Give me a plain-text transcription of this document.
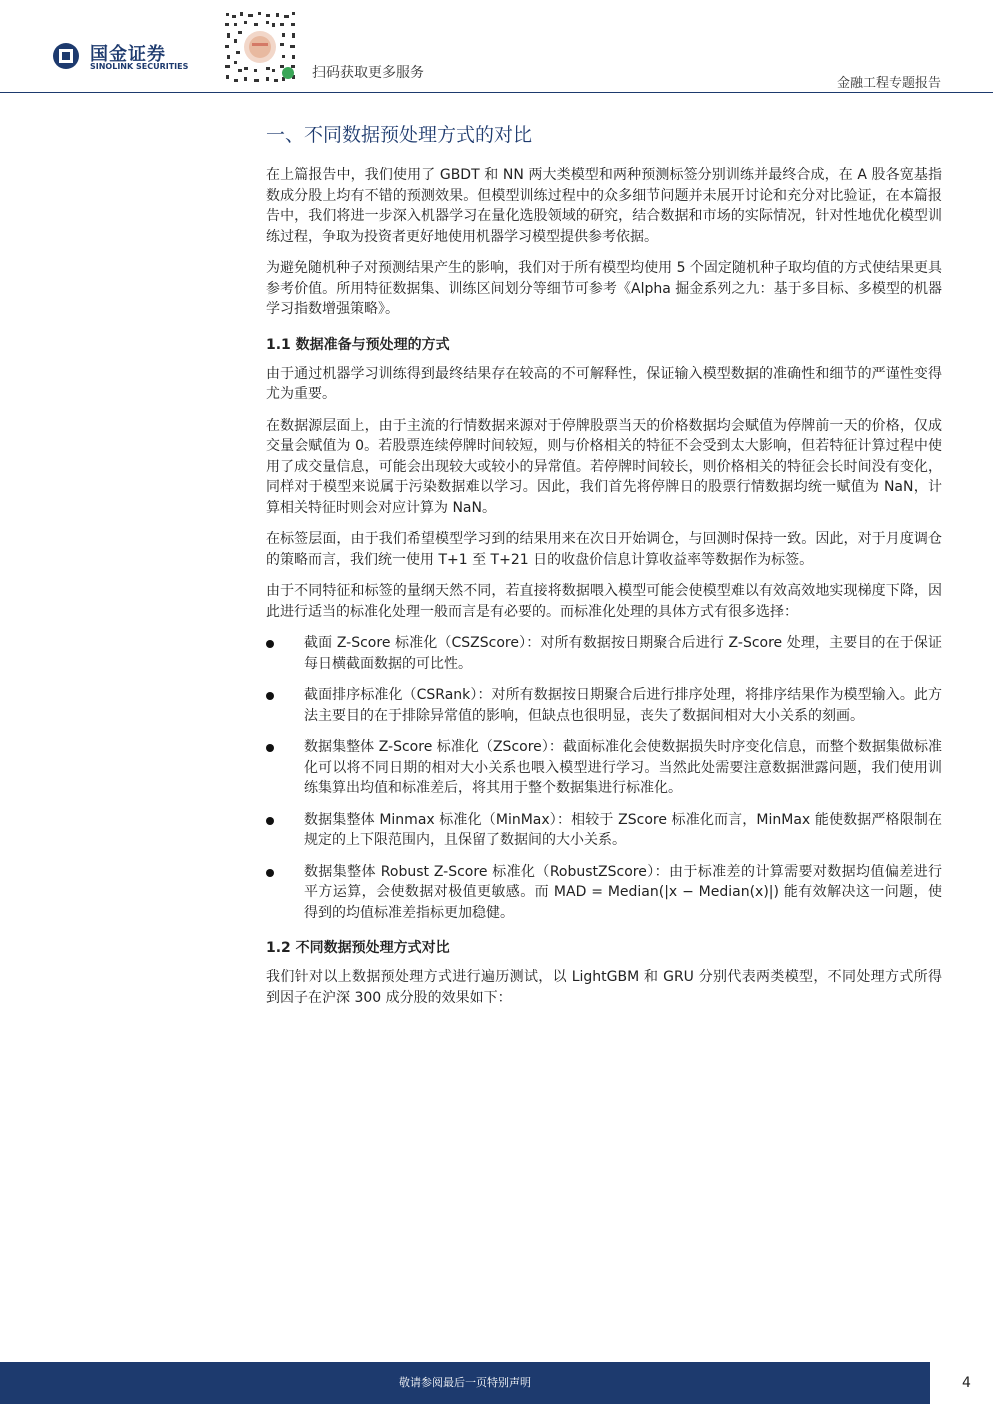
国金证券
SINOLINK SECURITIES	扫码获取更多服务
金融工程专题报告
一、不同数据预处理方式的对比

在上篇报告中，我们使用了 GBDT 和 NN 两大类模型和两种预测标签分别训练并最终合成，在 A 股各宽基指数成分股上均有不错的预测效果。但模型训练过程中的众多细节问题并未展开讨论和充分对比验证，在本篇报告中，我们将进一步深入机器学习在量化选股领域的研究，结合数据和市场的实际情况，针对性地优化模型训练过程，争取为投资者更好地使用机器学习模型提供参考依据。

为避免随机种子对预测结果产生的影响，我们对于所有模型均使用 5 个固定随机种子取均值的方式使结果更具参考价值。所用特征数据集、训练区间划分等细节可参考《Alpha 掘金系列之九：基于多目标、多模型的机器学习指数增强策略》。

1.1 数据准备与预处理的方式

由于通过机器学习训练得到最终结果存在较高的不可解释性，保证输入模型数据的准确性和细节的严谨性变得尤为重要。

在数据源层面上，由于主流的行情数据来源对于停牌股票当天的价格数据均会赋值为停牌前一天的价格，仅成交量会赋值为 0。若股票连续停牌时间较短，则与价格相关的特征不会受到太大影响，但若特征计算过程中使用了成交量信息，可能会出现较大或较小的异常值。若停牌时间较长，则价格相关的特征会长时间没有变化，同样对于模型来说属于污染数据难以学习。因此，我们首先将停牌日的股票行情数据均统一赋值为 NaN，计算相关特征时则会对应计算为 NaN。

在标签层面，由于我们希望模型学习到的结果用来在次日开始调仓，与回测时保持一致。因此，对于月度调仓的策略而言，我们统一使用 T+1 至 T+21 日的收盘价信息计算收益率等数据作为标签。

由于不同特征和标签的量纲天然不同，若直接将数据喂入模型可能会使模型难以有效高效地实现梯度下降，因此进行适当的标准化处理一般而言是有必要的。而标准化处理的具体方式有很多选择：

截面 Z-Score 标准化（CSZScore）：对所有数据按日期聚合后进行 Z-Score 处理，主要目的在于保证每日横截面数据的可比性。
截面排序标准化（CSRank）：对所有数据按日期聚合后进行排序处理，将排序结果作为模型输入。此方法主要目的在于排除异常值的影响，但缺点也很明显，丧失了数据间相对大小关系的刻画。
数据集整体 Z-Score 标准化（ZScore）：截面标准化会使数据损失时序变化信息，而整个数据集做标准化可以将不同日期的相对大小关系也喂入模型进行学习。当然此处需要注意数据泄露问题，我们使用训练集算出均值和标准差后，将其用于整个数据集进行标准化。
数据集整体 Minmax 标准化（MinMax）：相较于 ZScore 标准化而言，MinMax 能使数据严格限制在规定的上下限范围内，且保留了数据间的大小关系。
数据集整体 Robust Z-Score 标准化（RobustZScore）：由于标准差的计算需要对数据均值偏差进行平方运算，会使数据对极值更敏感。而 MAD = Median(|x − Median(x)|) 能有效解决这一问题，使得到的均值标准差指标更加稳健。
1.2 不同数据预处理方式对比

我们针对以上数据预处理方式进行遍历测试，以 LightGBM 和 GRU 分别代表两类模型，不同处理方式所得到因子在沪深 300 成分股的效果如下：

敬请参阅最后一页特别声明	4
